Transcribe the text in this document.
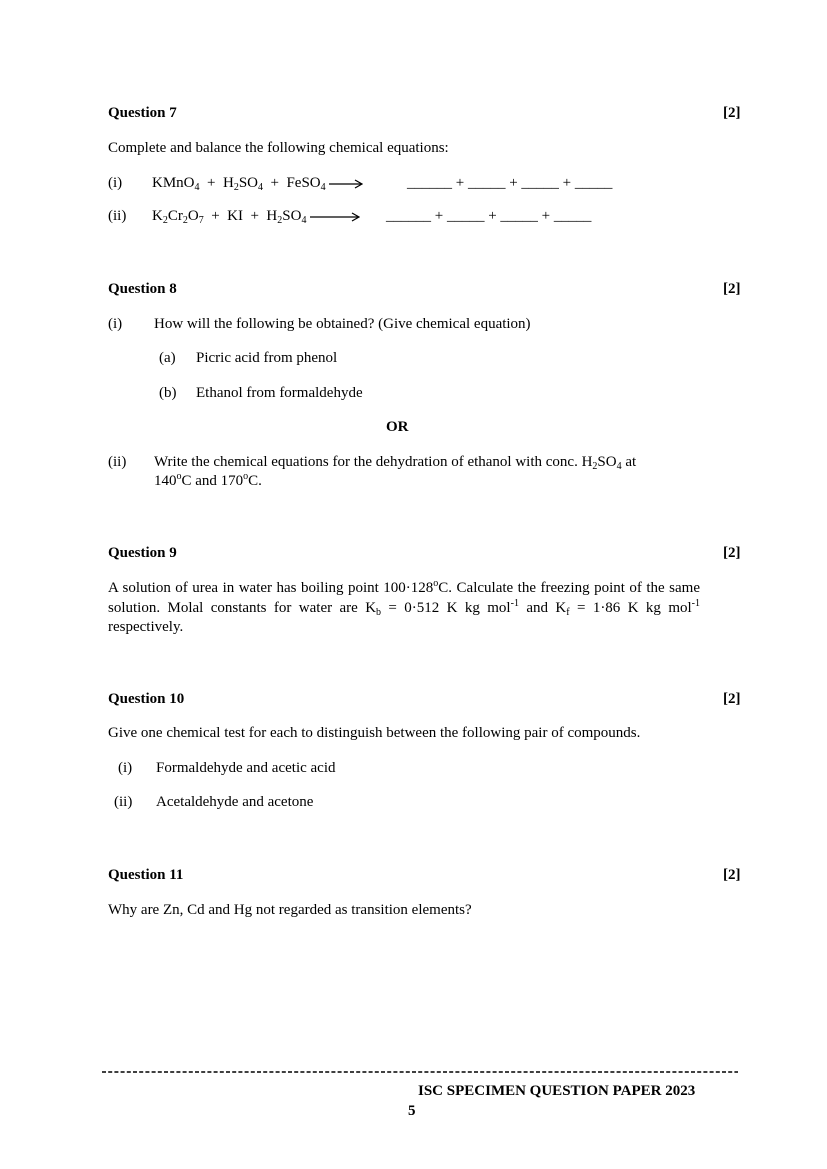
Question 7	[2]
Complete and balance the following chemical equations:
(i) KMnO$_4$  +  $H_2SO_4$  +  FeSO$_4$	______ + _____ + _____ + _____
(ii) $K_2Cr_2O_7$  +  KI  +  $H_2SO_4$	______ + _____ + _____ + _____
Question 8	[2]
(i) How will the following be obtained? (Give chemical equation)
(a) Picric acid from phenol
(b) Ethanol from formaldehyde
OR
(ii) Write the chemical equations for the dehydration of ethanol with conc. $H_2SO_4$ at
140$^o$C and 170$^o$C.
Question 9	[2]
A solution of urea in water has boiling point $100\cdot 128^oC$. Calculate the freezing point of the same solution. Molal constants for water are $K_b = 0\cdot 512$ K kg mol$^{-1}$ and $K_f = 1\cdot 86$ K kg mol$^{-1}$ respectively.
Question 10	[2]
Give one chemical test for each to distinguish between the following pair of compounds.
(i) Formaldehyde and acetic acid
(ii) Acetaldehyde and acetone
Question 11	[2]
Why are Zn, Cd and Hg not regarded as transition elements?
ISC SPECIMEN QUESTION PAPER 2023
5
